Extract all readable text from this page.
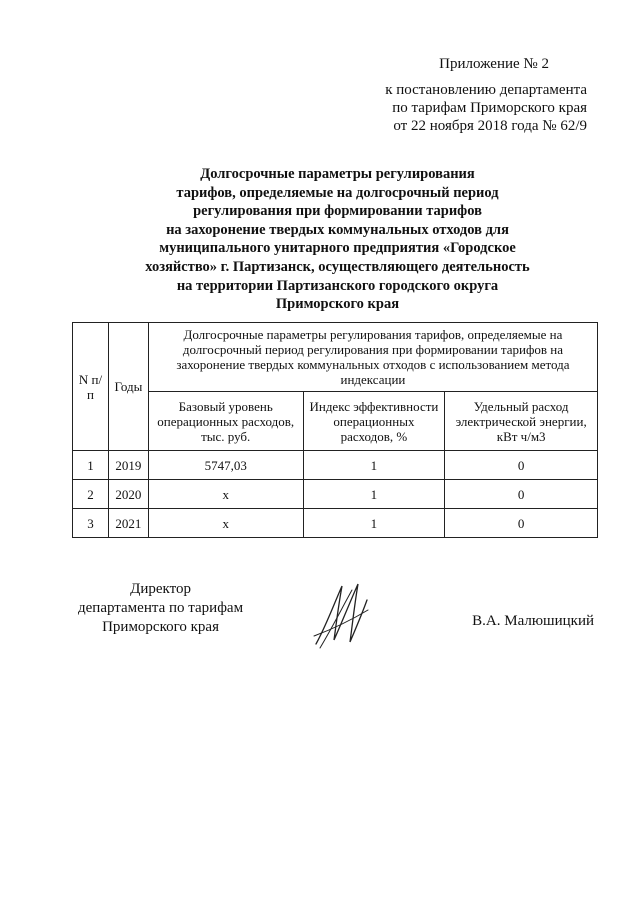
Приложение № 2
к постановлению департамента
по тарифам Приморского края
от 22 ноября 2018 года № 62/9
Долгосрочные параметры регулирования
тарифов, определяемые на долгосрочный период
регулирования при формировании тарифов
на захоронение твердых коммунальных отходов для
муниципального унитарного предприятия «Городское
хозяйство» г. Партизанск, осуществляющего деятельность
на территории Партизанского городского округа
Приморского края
N п/п	Годы	Долгосрочные параметры регулирования тарифов, определяемые на долгосрочный период регулирования при формировании тарифов на захоронение твердых коммунальных отходов с использованием метода индексации		
		Базовый уровень операционных расходов, тыс. руб.	Индекс эффективности операционных расходов, %	Удельный расход электрической энергии, кВт ч/м3
1	2019	5747,03	1	0
2	2020	x	1	0
3	2021	x	1	0
Директор
департамента по тарифам
Приморского края	В.А. Малюшицкий
